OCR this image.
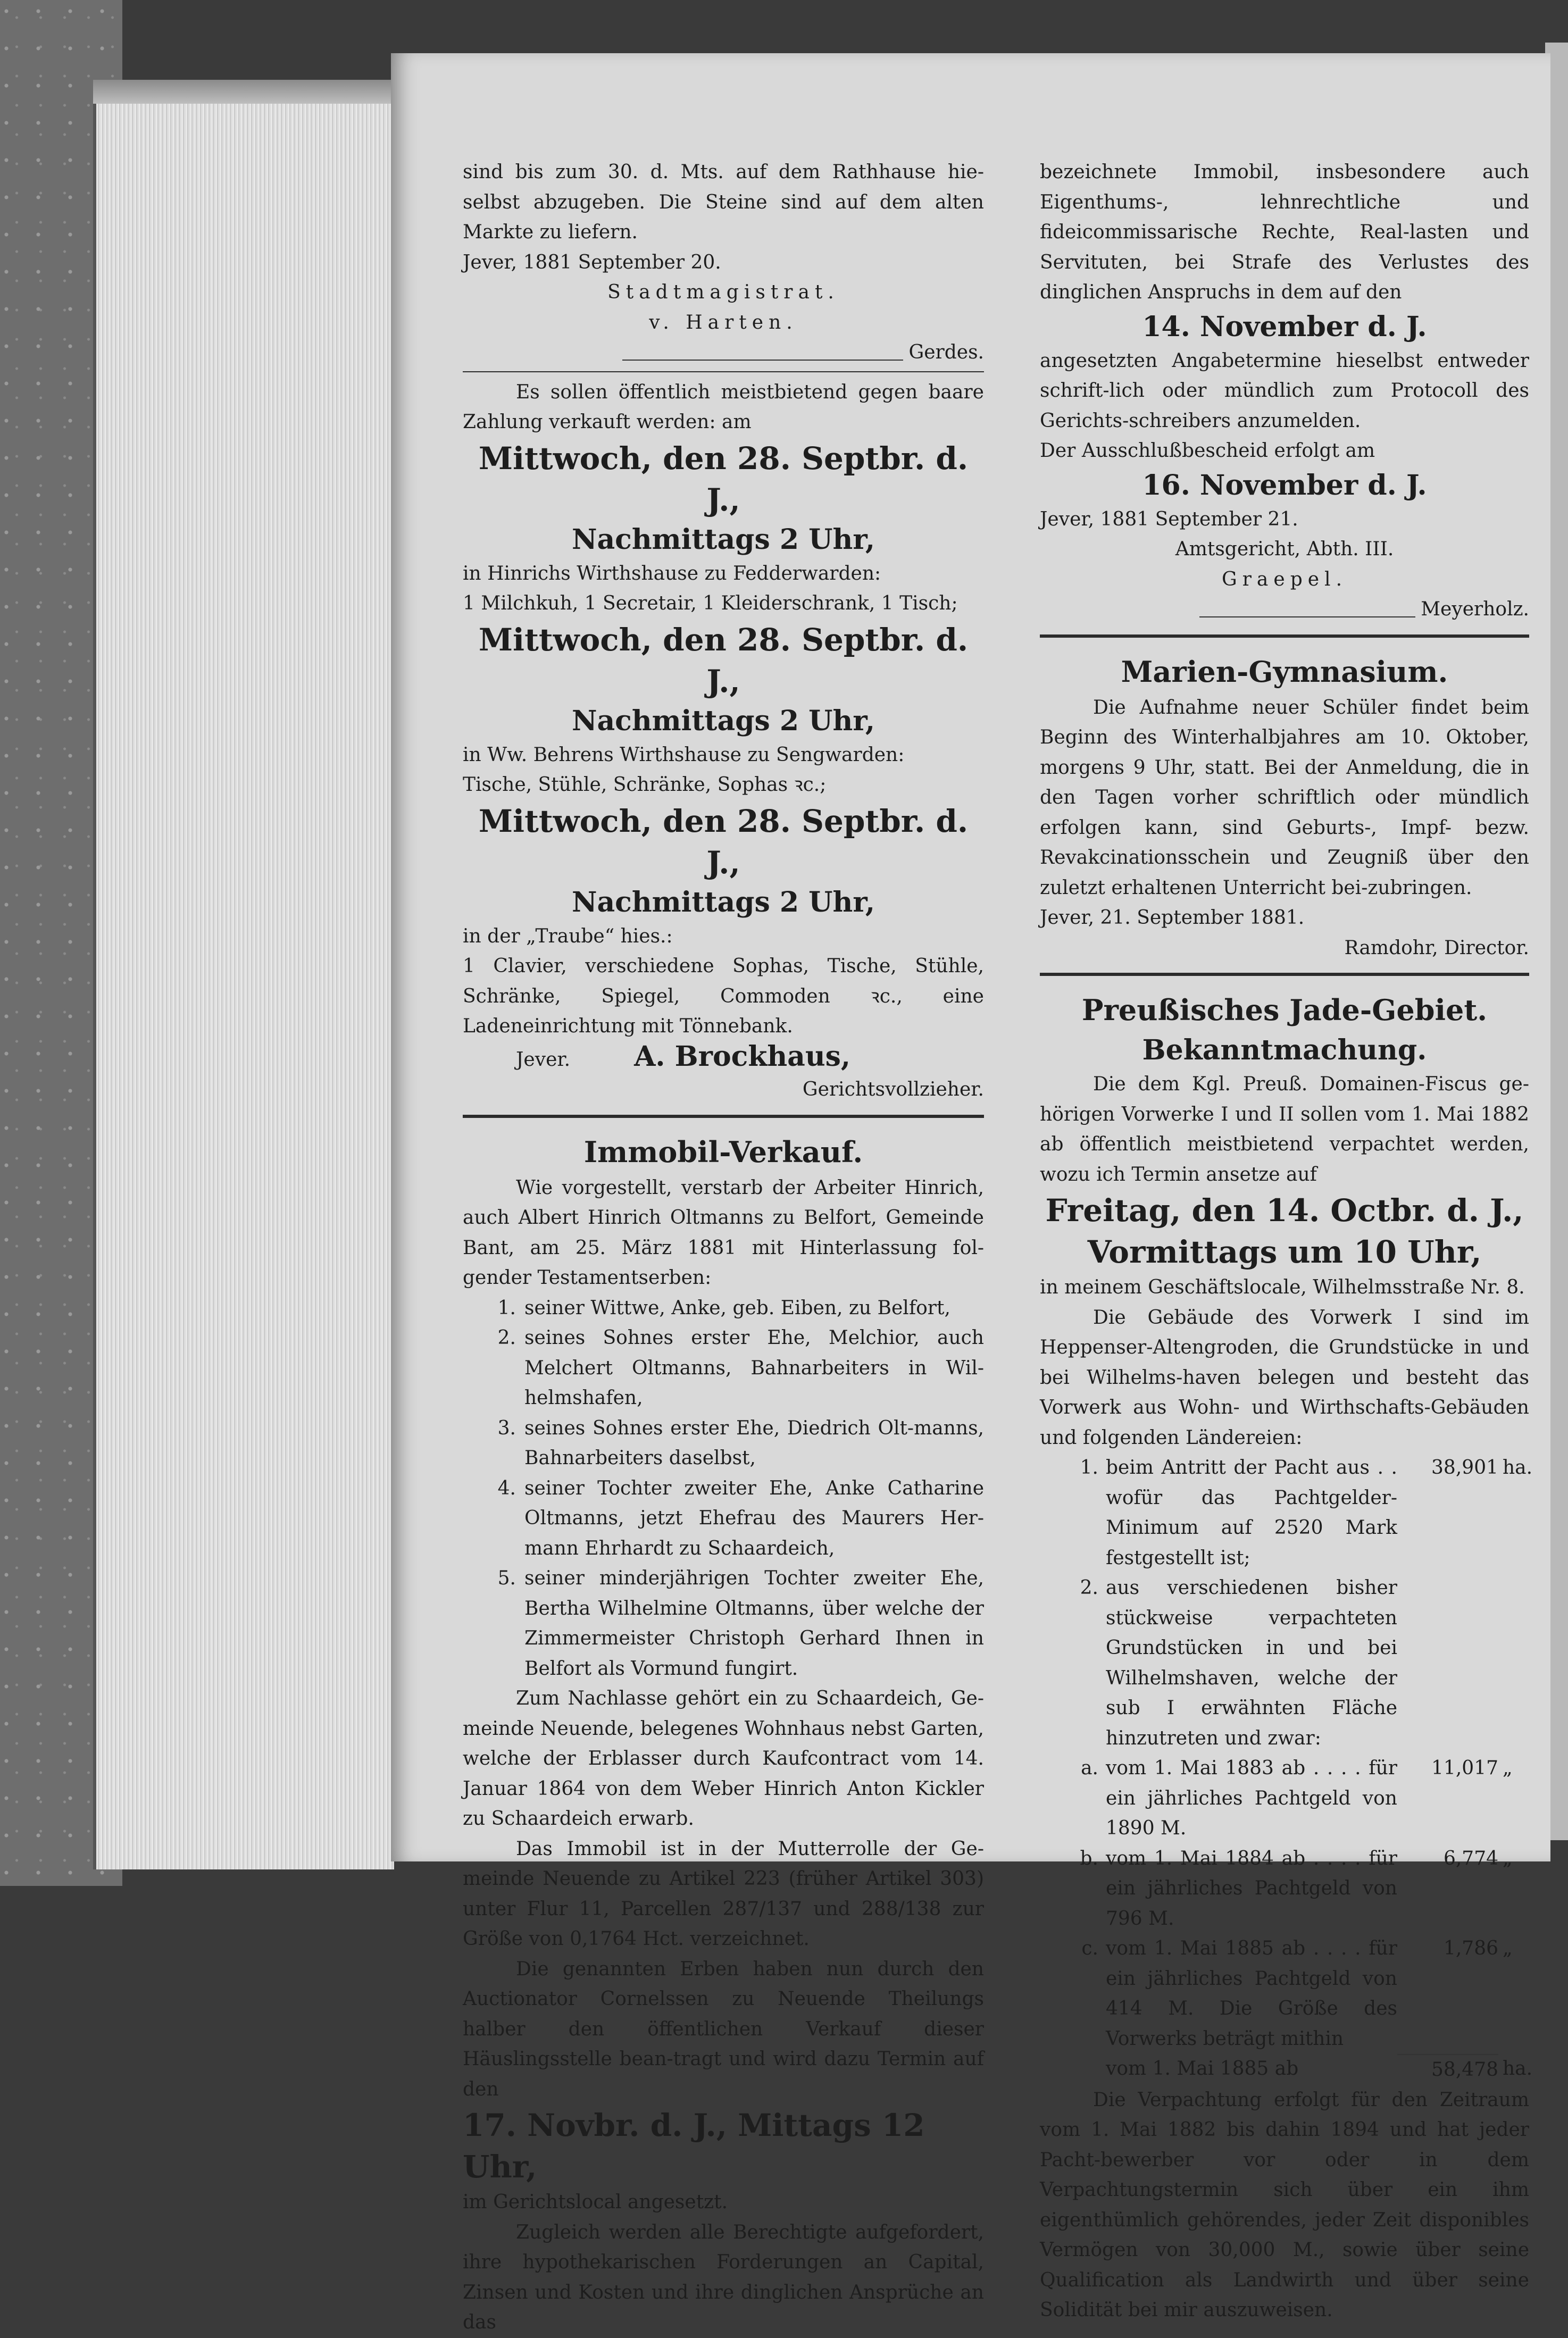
sind bis zum 30. d. Mts. auf dem Rathhause hie-selbst abzugeben. Die Steine sind auf dem alten Markte zu liefern.

Jever, 1881 September 20.

Stadtmagistrat.

v. Harten.

Gerdes.

Es sollen öffentlich meistbietend gegen baare Zahlung verkauft werden: am

Mittwoch, den 28. Septbr. d. J.,

Nachmittags 2 Uhr,

in Hinrichs Wirthshause zu Fedderwarden:

1 Milchkuh, 1 Secretair, 1 Kleiderschrank, 1 Tisch;

Mittwoch, den 28. Septbr. d. J.,

Nachmittags 2 Uhr,

in Ww. Behrens Wirthshause zu Sengwarden:

Tische, Stühle, Schränke, Sophas ꝛc.;

Mittwoch, den 28. Septbr. d. J.,

Nachmittags 2 Uhr,

in der „Traube“ hies.:

1 Clavier, verschiedene Sophas, Tische, Stühle, Schränke, Spiegel, Commoden ꝛc., eine Ladeneinrichtung mit Tönnebank.

Jever. A. Brockhaus,

Gerichtsvollzieher.

Immobil-Verkauf.

Wie vorgestellt, verstarb der Arbeiter Hinrich, auch Albert Hinrich Oltmanns zu Belfort, Gemeinde Bant, am 25. März 1881 mit Hinterlassung fol-gender Testamentserben:

1. seiner Wittwe, Anke, geb. Eiben, zu Belfort,
2. seines Sohnes erster Ehe, Melchior, auch Melchert Oltmanns, Bahnarbeiters in Wil-helmshafen,
3. seines Sohnes erster Ehe, Diedrich Olt-manns, Bahnarbeiters daselbst,
4. seiner Tochter zweiter Ehe, Anke Catharine Oltmanns, jetzt Ehefrau des Maurers Her-mann Ehrhardt zu Schaardeich,
5. seiner minderjährigen Tochter zweiter Ehe, Bertha Wilhelmine Oltmanns, über welche der Zimmermeister Christoph Gerhard Ihnen in Belfort als Vormund fungirt.

Zum Nachlasse gehört ein zu Schaardeich, Ge-meinde Neuende, belegenes Wohnhaus nebst Garten, welche der Erblasser durch Kaufcontract vom 14. Januar 1864 von dem Weber Hinrich Anton Kickler zu Schaardeich erwarb.

Das Immobil ist in der Mutterrolle der Ge-meinde Neuende zu Artikel 223 (früher Artikel 303) unter Flur 11, Parcellen 287/137 und 288/138 zur Größe von 0,1764 Hct. verzeichnet.

Die genannten Erben haben nun durch den Auctionator Cornelssen zu Neuende Theilungs halber den öffentlichen Verkauf dieser Häuslingsstelle bean-tragt und wird dazu Termin auf den

17. Novbr. d. J., Mittags 12 Uhr,

im Gerichtslocal angesetzt.

Zugleich werden alle Berechtigte aufgefordert, ihre hypothekarischen Forderungen an Capital, Zinsen und Kosten und ihre dinglichen Ansprüche an das

bezeichnete Immobil, insbesondere auch Eigenthums-, lehnrechtliche und fideicommissarische Rechte, Real-lasten und Servituten, bei Strafe des Verlustes des dinglichen Anspruchs in dem auf den

14. November d. J.

angesetzten Angabetermine hieselbst entweder schrift-lich oder mündlich zum Protocoll des Gerichts-schreibers anzumelden.

Der Ausschlußbescheid erfolgt am

16. November d. J.

Jever, 1881 September 21.

Amtsgericht, Abth. III.

Graepel.

Meyerholz.

Marien-Gymnasium.

Die Aufnahme neuer Schüler findet beim Beginn des Winterhalbjahres am 10. Oktober, morgens 9 Uhr, statt. Bei der Anmeldung, die in den Tagen vorher schriftlich oder mündlich erfolgen kann, sind Geburts-, Impf- bezw. Revakcinationsschein und Zeugniß über den zuletzt erhaltenen Unterricht bei-zubringen.

Jever, 21. September 1881.

Ramdohr, Director.

Preußisches Jade-Gebiet.

Bekanntmachung.

Die dem Kgl. Preuß. Domainen-Fiscus ge-hörigen Vorwerke I und II sollen vom 1. Mai 1882 ab öffentlich meistbietend verpachtet werden, wozu ich Termin ansetze auf

Freitag, den 14. Octbr. d. J.,

Vormittags um 10 Uhr,

in meinem Geschäftslocale, Wilhelmsstraße Nr. 8.

Die Gebäude des Vorwerk I sind im Heppenser-Altengroden, die Grundstücke in und bei Wilhelms-haven belegen und besteht das Vorwerk aus Wohn- und Wirthschafts-Gebäuden und folgenden Ländereien:

1. beim Antritt der Pacht aus . . wofür das Pachtgelder-Minimum auf 2520 Mark festgestellt ist;
38,901 ha.
2. aus verschiedenen bisher stückweise verpachteten Grundstücken in und bei Wilhelmshaven, welche der sub I erwähnten Fläche hinzutreten und zwar:
a. vom 1. Mai 1883 ab . . . . für ein jährliches Pachtgeld von 1890 M.
11,017 „
b. vom 1. Mai 1884 ab . . . . für ein jährliches Pachtgeld von 796 M.
6,774 „
c. vom 1. Mai 1885 ab . . . . für ein jährliches Pachtgeld von 414 M. Die Größe des Vorwerks beträgt mithin
1,786 „
vom 1. Mai 1885 ab	58,478 ha.

Die Verpachtung erfolgt für den Zeitraum vom 1. Mai 1882 bis dahin 1894 und hat jeder Pacht-bewerber vor oder in dem Verpachtungstermin sich über ein ihm eigenthümlich gehörendes, jeder Zeit disponibles Vermögen von 30,000 M., sowie über seine Qualification als Landwirth und über seine Solidität bei mir auszuweisen.
